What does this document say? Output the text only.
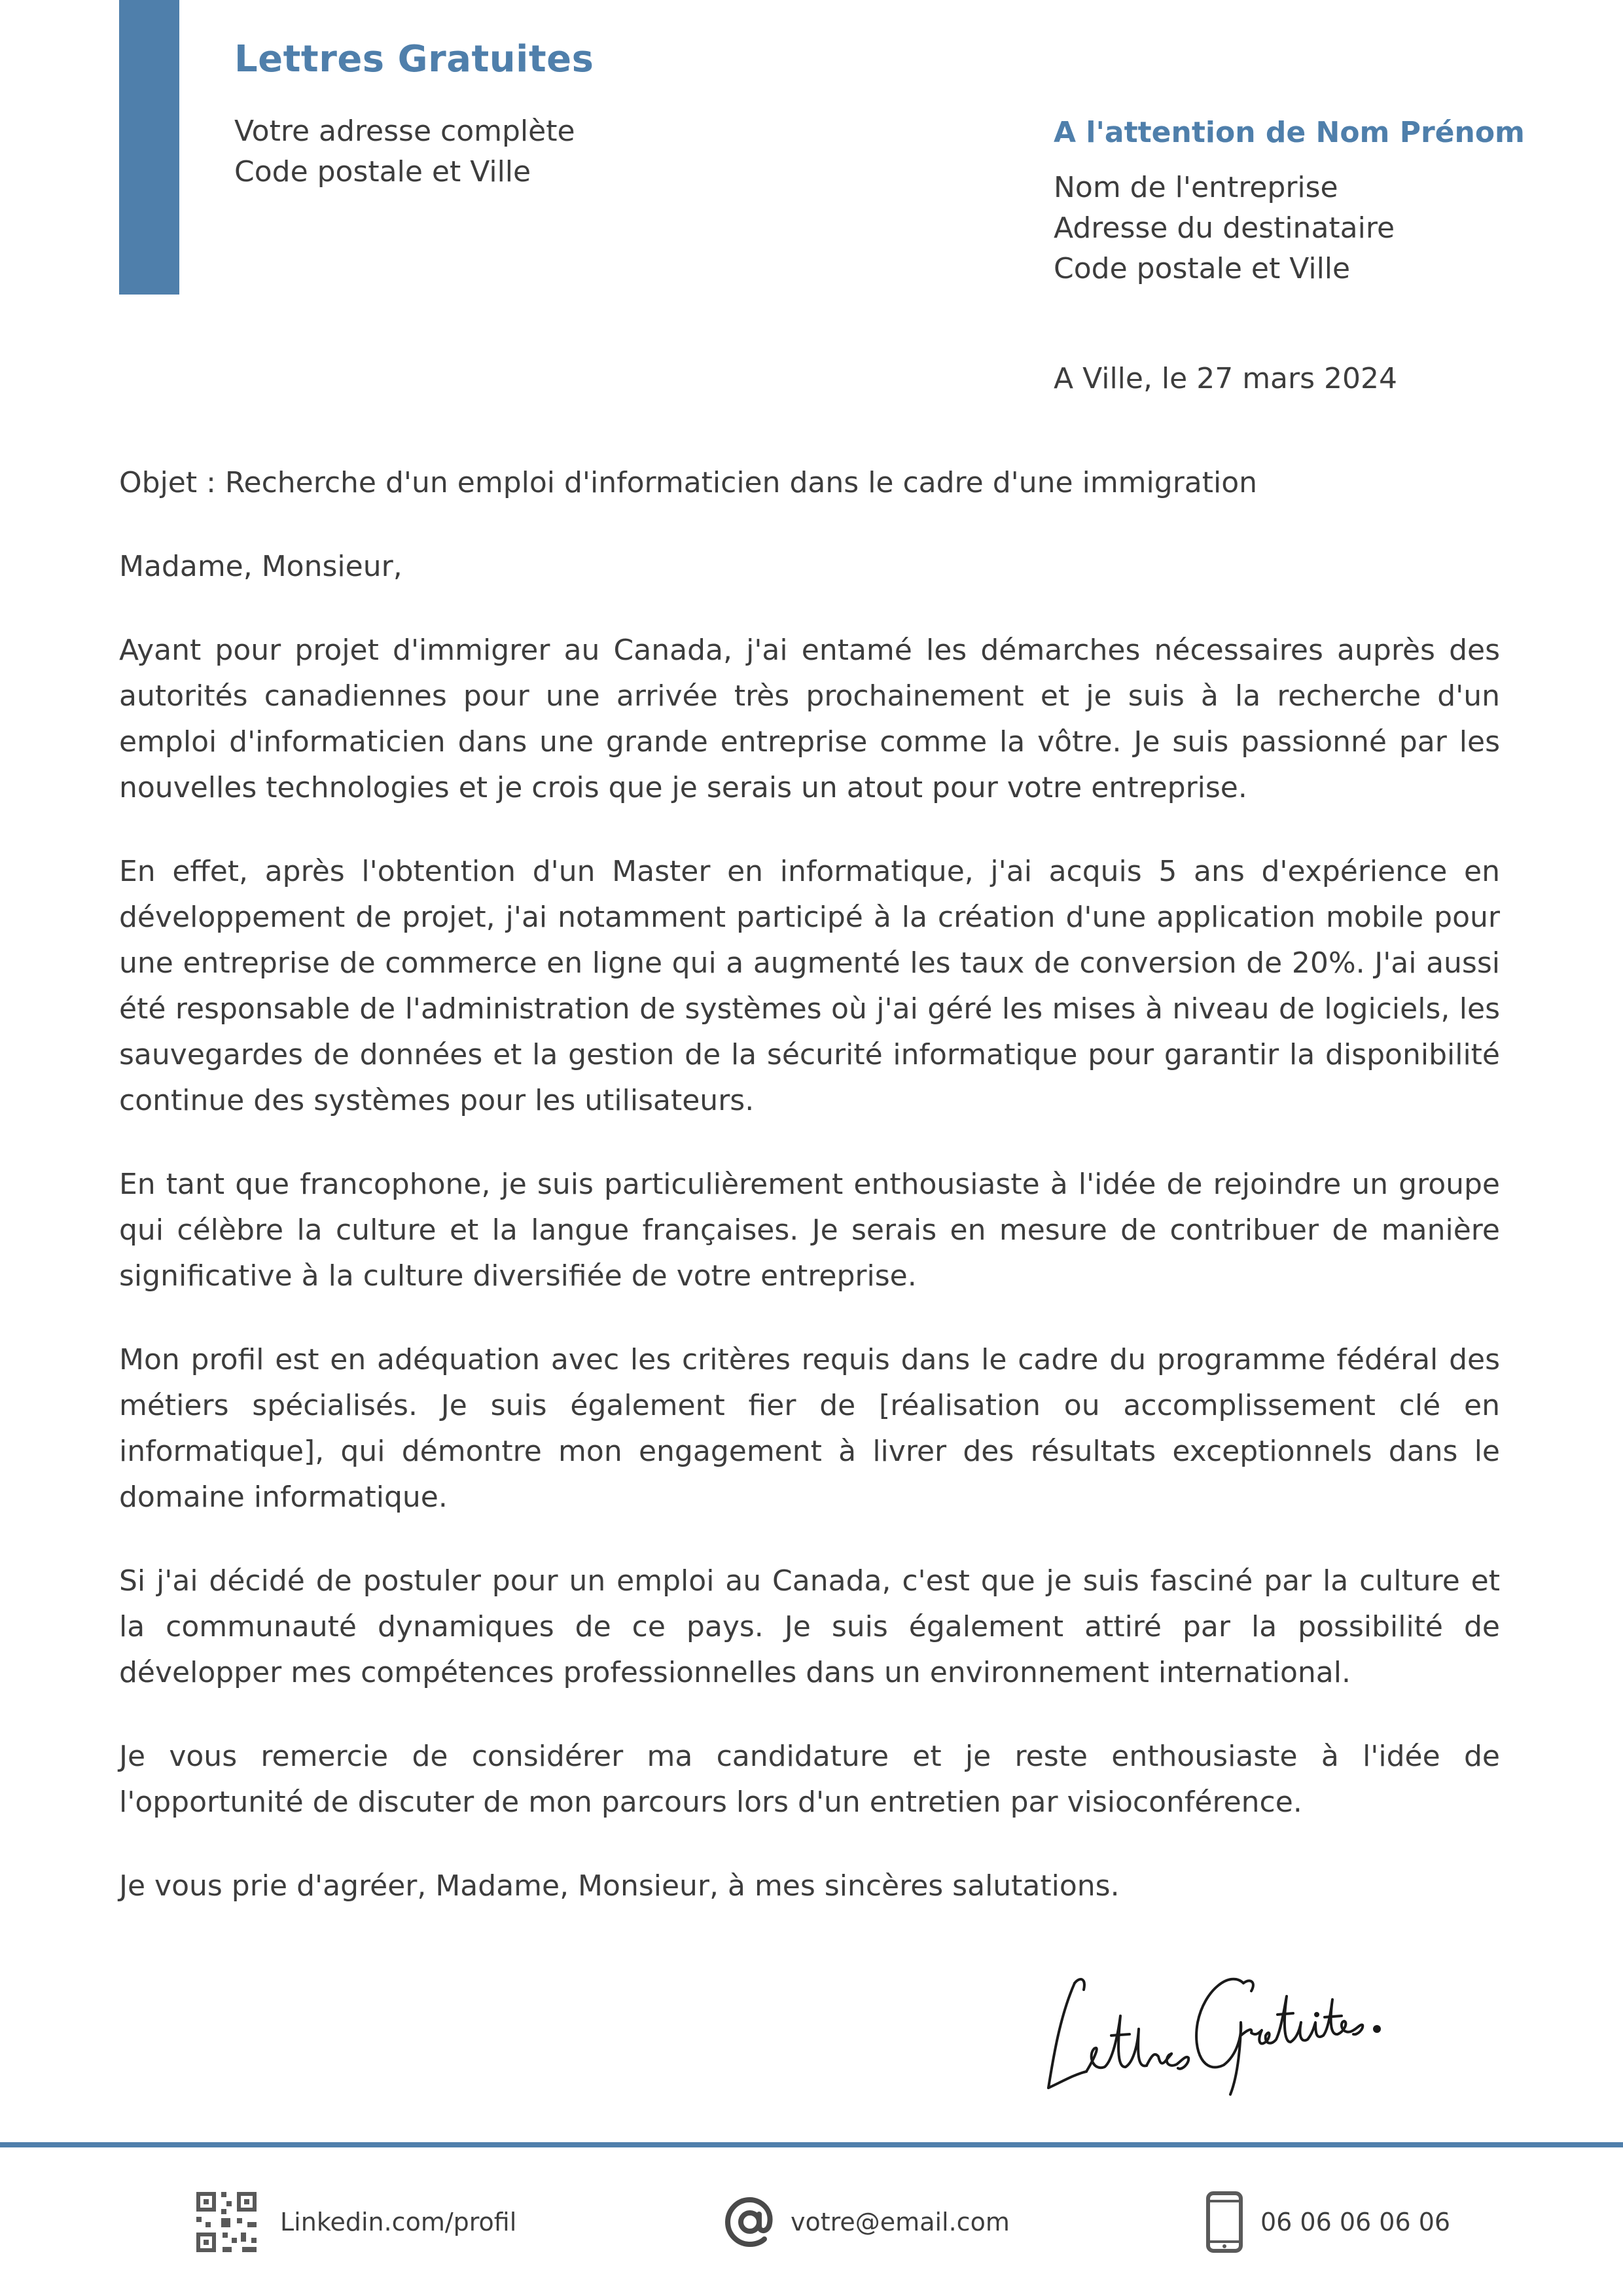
Lettres Gratuites
Votre adresse complète
Code postale et Ville
A l'attention de Nom Prénom
Nom de l'entreprise
Adresse du destinataire
Code postale et Ville
A Ville, le 27 mars 2024

Objet : Recherche d'un emploi d'informaticien dans le cadre d'une immigration

Madame, Monsieur,

Ayant pour projet d'immigrer au Canada, j'ai entamé les démarches nécessaires auprès des autorités canadiennes pour une arrivée très prochainement et je suis à la recherche d'un emploi d'informaticien dans une grande entreprise comme la vôtre. Je suis passionné par les nouvelles technologies et je crois que je serais un atout pour votre entreprise.

En effet, après l'obtention d'un Master en informatique, j'ai acquis 5 ans d'expérience en développement de projet, j'ai notamment participé à la création d'une application mobile pour une entreprise de commerce en ligne qui a augmenté les taux de conversion de 20%. J'ai aussi été responsable de l'administration de systèmes où j'ai géré les mises à niveau de logiciels, les sauvegardes de données et la gestion de la sécurité informatique pour garantir la disponibilité continue des systèmes pour les utilisateurs.

En tant que francophone, je suis particulièrement enthousiaste à l'idée de rejoindre un groupe qui célèbre la culture et la langue françaises. Je serais en mesure de contribuer de manière significative à la culture diversifiée de votre entreprise.

Mon profil est en adéquation avec les critères requis dans le cadre du programme fédéral des métiers spécialisés. Je suis également fier de [réalisation ou accomplissement clé en informatique], qui démontre mon engagement à livrer des résultats exceptionnels dans le domaine informatique.

Si j'ai décidé de postuler pour un emploi au Canada, c'est que je suis fasciné par la culture et la communauté dynamiques de ce pays. Je suis également attiré par la possibilité de développer mes compétences professionnelles dans un environnement international.

Je vous remercie de considérer ma candidature et je reste enthousiaste à l'idée de l'opportunité de discuter de mon parcours lors d'un entretien par visioconférence.

Je vous prie d'agréer, Madame, Monsieur, à mes sincères salutations.

Linkedin.com/profil	votre@email.com	06 06 06 06 06
